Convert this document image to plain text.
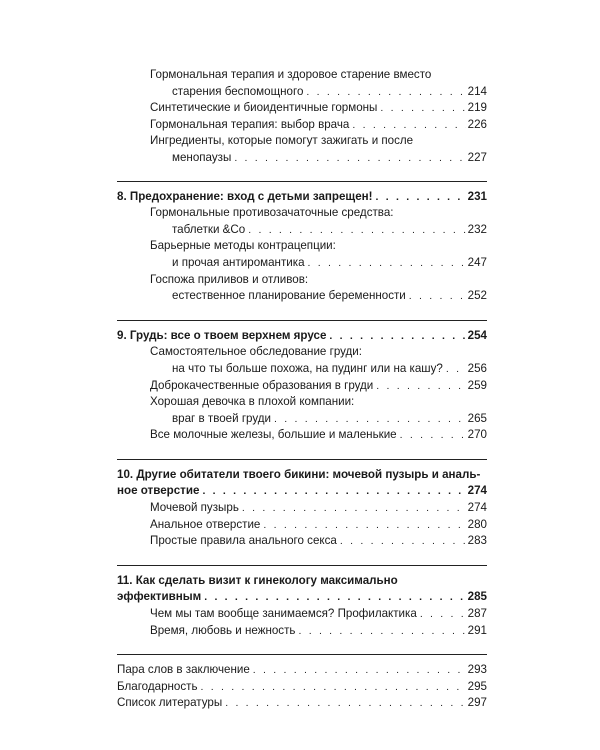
Гормональная терапия и здоровое старение вместо
старения беспомощного . . .	214
Синтетические и биоидентичные гормоны . . .	219
Гормональная терапия: выбор врача . . .	226
Ингредиенты, которые помогут зажигать и после
менопаузы . . .	227
8. Предохранение: вход с детьми запрещен! . . .	231
Гормональные противозачаточные средства:
таблетки &Co . . .	232
Барьерные методы контрацепции:
и прочая антиромантика . . .	247
Госпожа приливов и отливов:
естественное планирование беременности . . .	252
9. Грудь: все о твоем верхнем ярусе . . .	254
Самостоятельное обследование груди:
на что ты больше похожа, на пудинг или на кашу? . . . 256
Доброкачественные образования в груди . . .	259
Хорошая девочка в плохой компании:
враг в твоей груди . . .	265
Все молочные железы, большие и маленькие . . .	270
10. Другие обитатели твоего бикини: мочевой пузырь и аналь-
ное отверстие . . .	274
Мочевой пузырь . . .	274
Анальное отверстие . . .	280
Простые правила анального секса . . .	283
11. Как сделать визит к гинекологу максимально
эффективным . . .	285
Чем мы там вообще занимаемся? Профилактика . . .	287
Время, любовь и нежность . . .	291
Пара слов в заключение . . .	293
Благодарность . . .	295
Список литературы . . .	297
